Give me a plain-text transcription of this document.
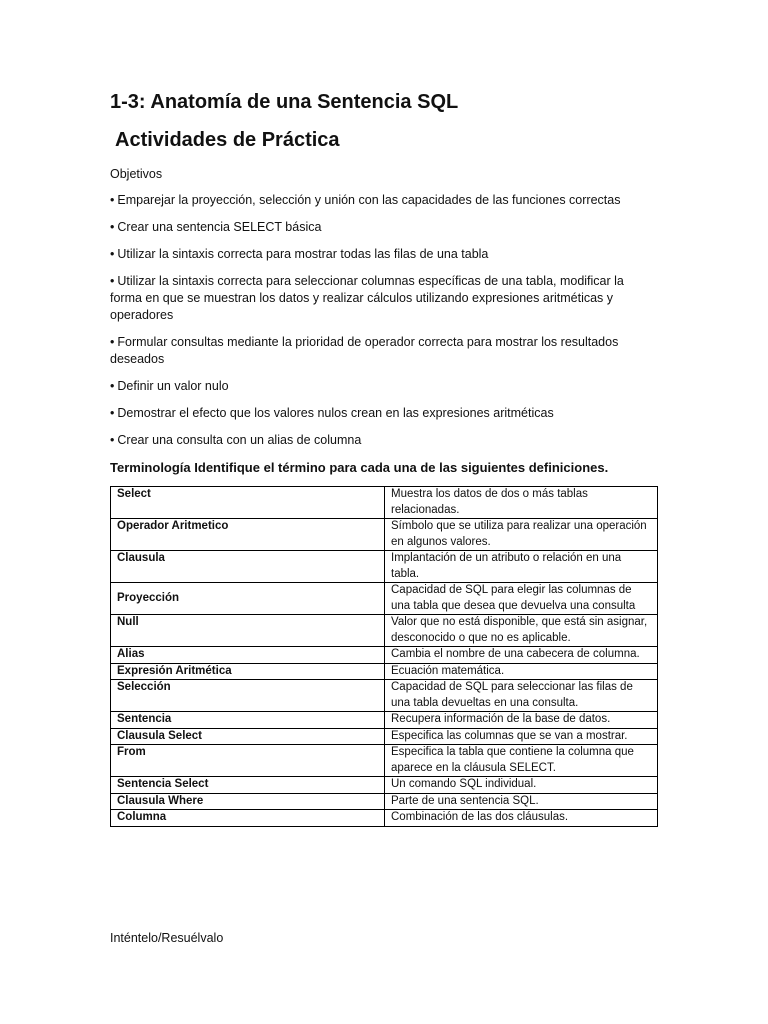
1-3: Anatomía de una Sentencia SQL
Actividades de Práctica

Objetivos

• Emparejar la proyección, selección y unión con las capacidades de las funciones correctas
• Crear una sentencia SELECT básica
• Utilizar la sintaxis correcta para mostrar todas las filas de una tabla
• Utilizar la sintaxis correcta para seleccionar columnas específicas de una tabla, modificar la forma en que se muestran los datos y realizar cálculos utilizando expresiones aritméticas y operadores
• Formular consultas mediante la prioridad de operador correcta para mostrar los resultados deseados
• Definir un valor nulo
• Demostrar el efecto que los valores nulos crean en las expresiones aritméticas
• Crear una consulta con un alias de columna

Terminología Identifique el término para cada una de las siguientes definiciones.

Select	Muestra los datos de dos o más tablas relacionadas.
Operador Aritmetico	Símbolo que se utiliza para realizar una operación en algunos valores.
Clausula	Implantación de un atributo o relación en una tabla.
Proyección	Capacidad de SQL para elegir las columnas de una tabla que desea que devuelva una consulta
Null	Valor que no está disponible, que está sin asignar, desconocido o que no es aplicable.
Alias	Cambia el nombre de una cabecera de columna.
Expresión Aritmética	Ecuación matemática.
Selección	Capacidad de SQL para seleccionar las filas de una tabla devueltas en una consulta.
Sentencia	Recupera información de la base de datos.
Clausula Select	Especifica las columnas que se van a mostrar.
From	Especifica la tabla que contiene la columna que aparece en la cláusula SELECT.
Sentencia Select	Un comando SQL individual.
Clausula Where	Parte de una sentencia SQL.
Columna	Combinación de las dos cláusulas.

Inténtelo/Resuélvalo
